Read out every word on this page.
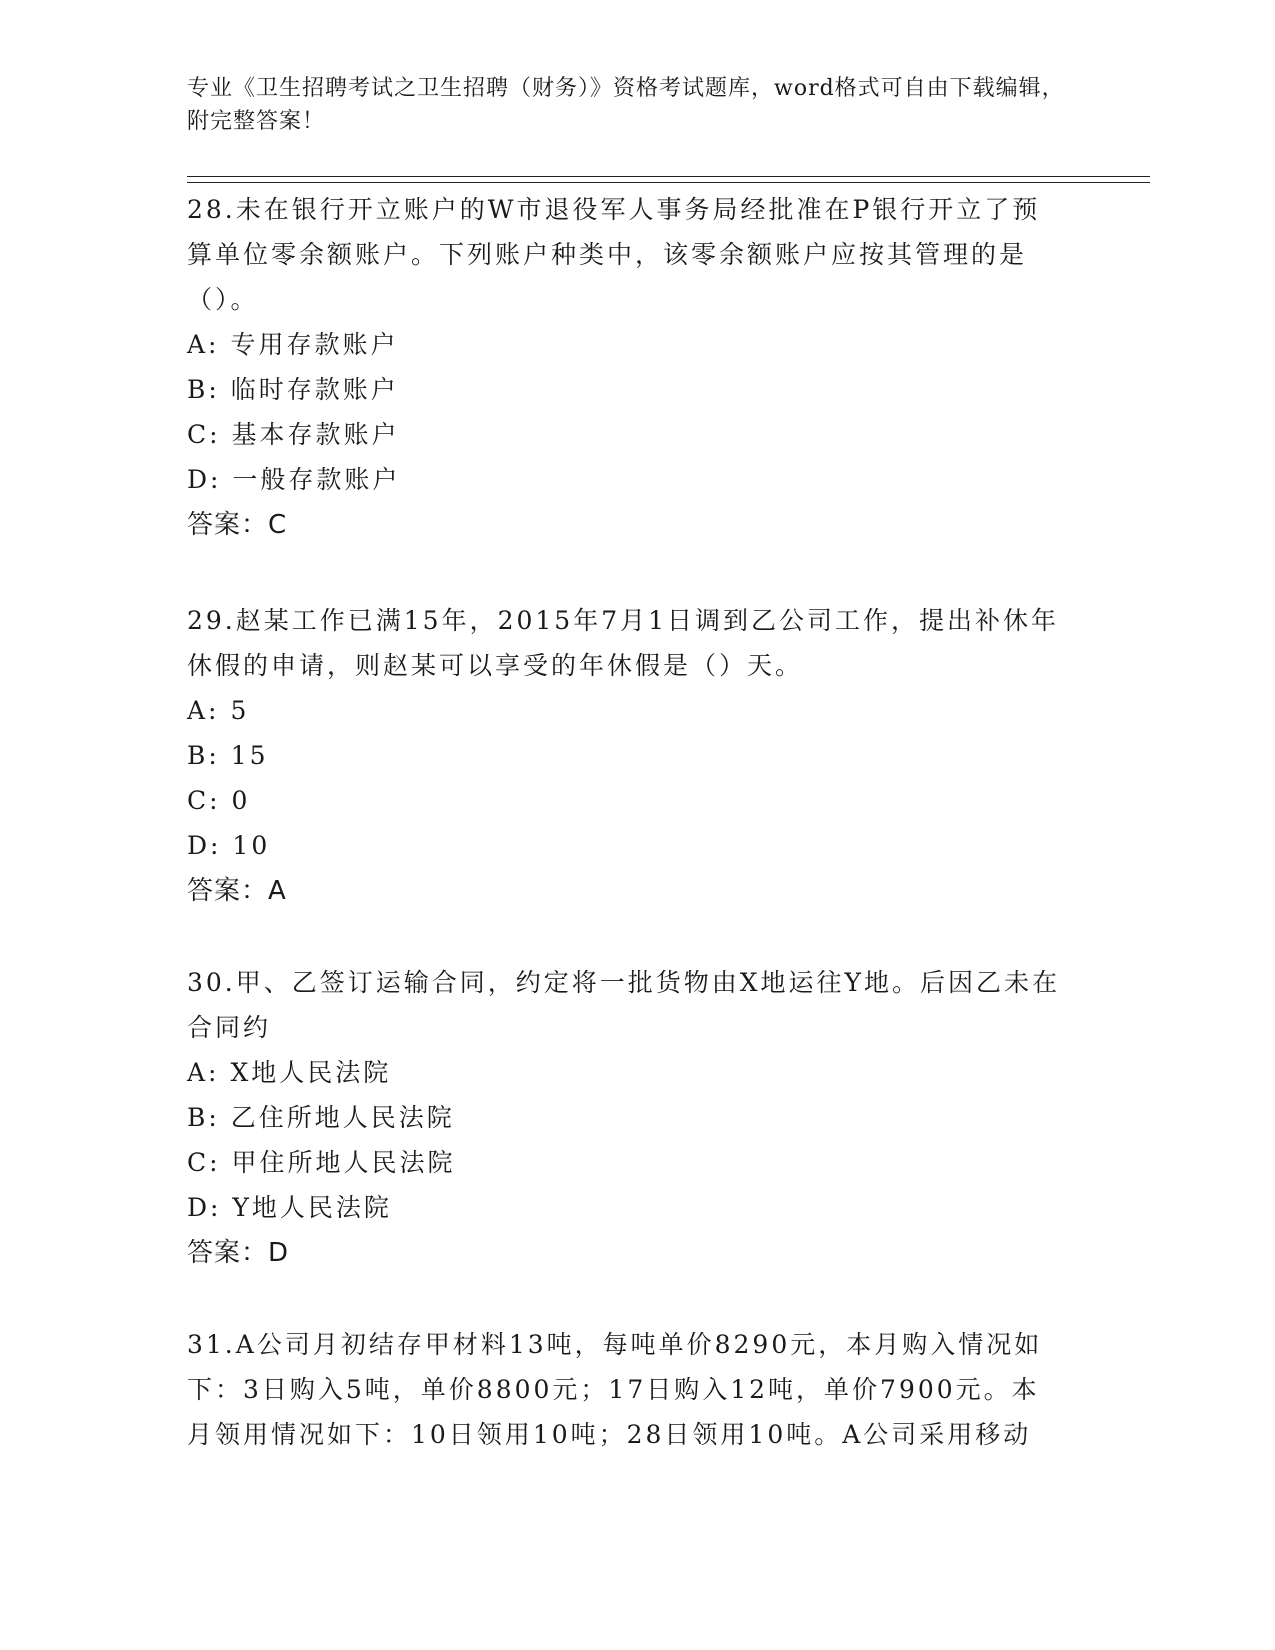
专业《卫生招聘考试之卫生招聘（财务）》资格考试题库，word格式可自由下载编辑，附完整答案！

28.未在银行开立账户的W市退役军人事务局经批准在P银行开立了预算单位零余额账户。下列账户种类中，该零余额账户应按其管理的是（）。

A: 专用存款账户

B: 临时存款账户

C: 基本存款账户

D: 一般存款账户

答案：C

29.赵某工作已满15年，2015年7月1日调到乙公司工作，提出补休年休假的申请，则赵某可以享受的年休假是（）天。

A: 5

B: 15

C: 0

D: 10

答案：A

30.甲、乙签订运输合同，约定将一批货物由X地运往Y地。后因乙未在合同约

A: X地人民法院

B: 乙住所地人民法院

C: 甲住所地人民法院

D: Y地人民法院

答案：D

31.A公司月初结存甲材料13吨，每吨单价8290元，本月购入情况如下：3日购入5吨，单价8800元；17日购入12吨，单价7900元。本月领用情况如下：10日领用10吨；28日领用10吨。A公司采用移动
